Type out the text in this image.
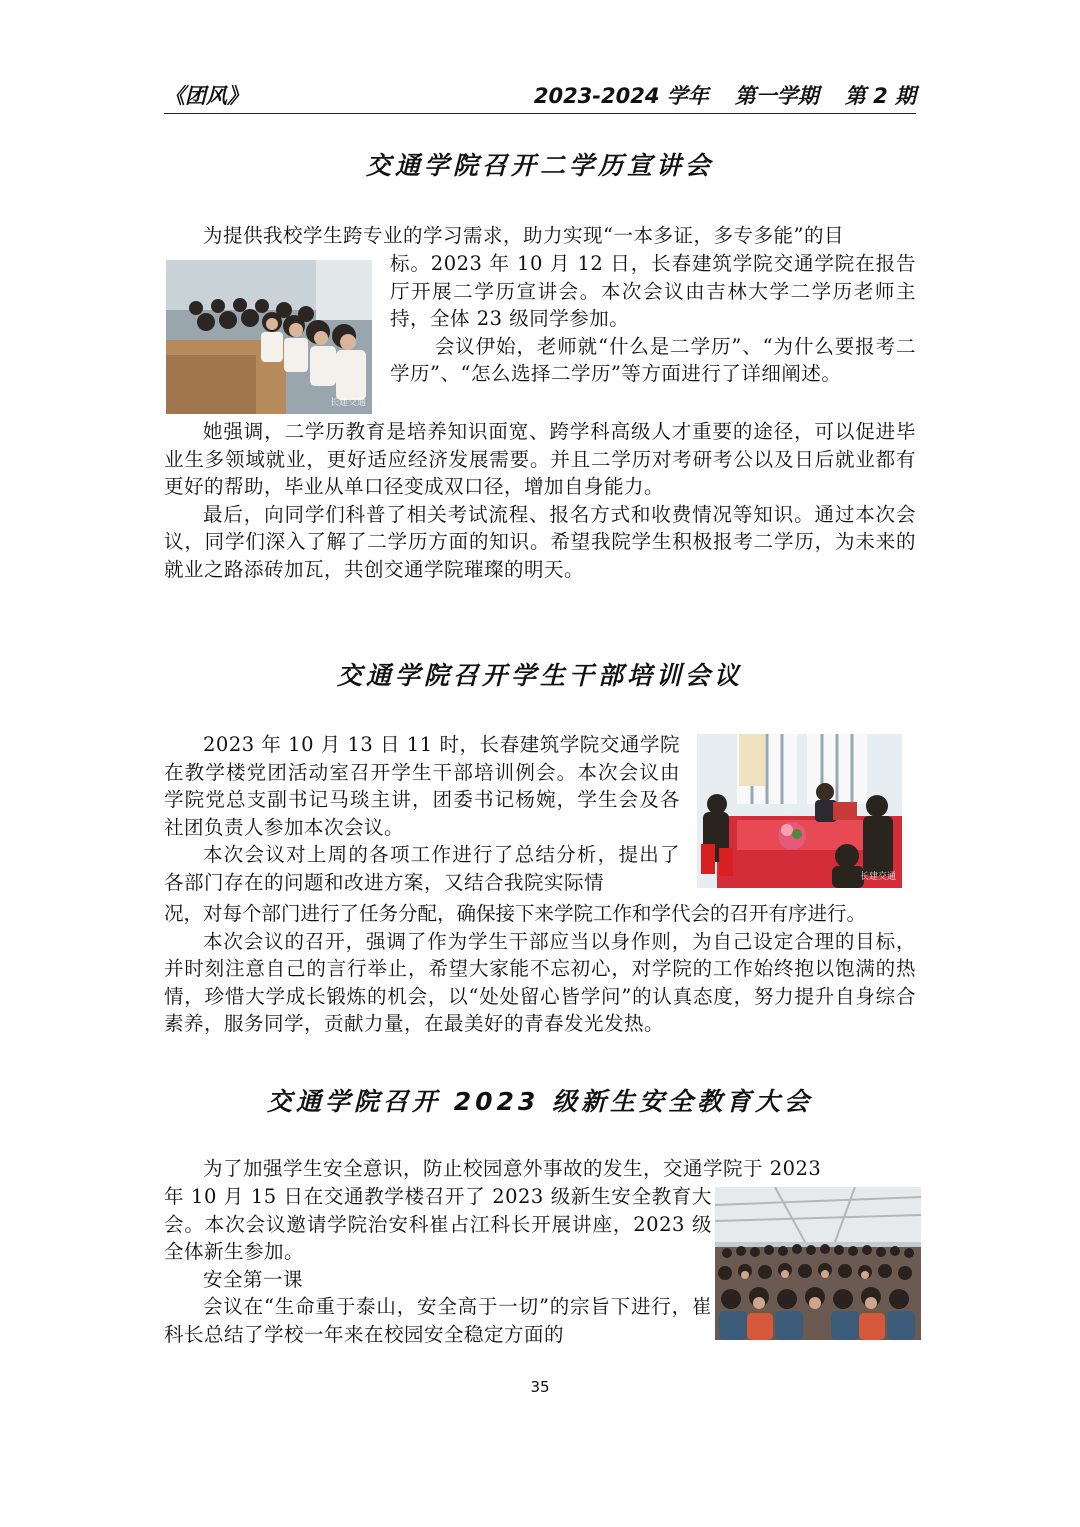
《团风》	2023-2024 学年 第一学期 第 2 期
交通学院召开二学历宣讲会
为提供我校学生跨专业的学习需求，助力实现“一本多证，多专多能”的目
长建交通

标。2023 年 10 月 12 日，长春建筑学院交通学院在报告厅开展二学历宣讲会。本次会议由吉林大学二学历老师主持，全体 23 级同学参加。

会议伊始，老师就“什么是二学历”、“为什么要报考二学历”、“怎么选择二学历”等方面进行了详细阐述。

她强调，二学历教育是培养知识面宽、跨学科高级人才重要的途径，可以促进毕业生多领域就业，更好适应经济发展需要。并且二学历对考研考公以及日后就业都有更好的帮助，毕业从单口径变成双口径，增加自身能力。

最后，向同学们科普了相关考试流程、报名方式和收费情况等知识。通过本次会议，同学们深入了解了二学历方面的知识。希望我院学生积极报考二学历，为未来的就业之路添砖加瓦，共创交通学院璀璨的明天。

交通学院召开学生干部培训会议

2023 年 10 月 13 日 11 时，长春建筑学院交通学院在教学楼党团活动室召开学生干部培训例会。本次会议由学院党总支副书记马琰主讲，团委书记杨婉，学生会及各社团负责人参加本次会议。

本次会议对上周的各项工作进行了总结分析，提出了各部门存在的问题和改进方案，又结合我院实际情	长建交通

况，对每个部门进行了任务分配，确保接下来学院工作和学代会的召开有序进行。

本次会议的召开，强调了作为学生干部应当以身作则，为自己设定合理的目标，并时刻注意自己的言行举止，希望大家能不忘初心，对学院的工作始终抱以饱满的热情，珍惜大学成长锻炼的机会，以“处处留心皆学问”的认真态度，努力提升自身综合素养，服务同学，贡献力量，在最美好的青春发光发热。

交通学院召开 2023 级新生安全教育大会
为了加强学生安全意识，防止校园意外事故的发生，交通学院于 2023

年 10 月 15 日在交通教学楼召开了 2023 级新生安全教育大会。本次会议邀请学院治安科崔占江科长开展讲座，2023 级全体新生参加。

安全第一课

会议在“生命重于泰山，安全高于一切”的宗旨下进行，崔科长总结了学校一年来在校园安全稳定方面的

35
